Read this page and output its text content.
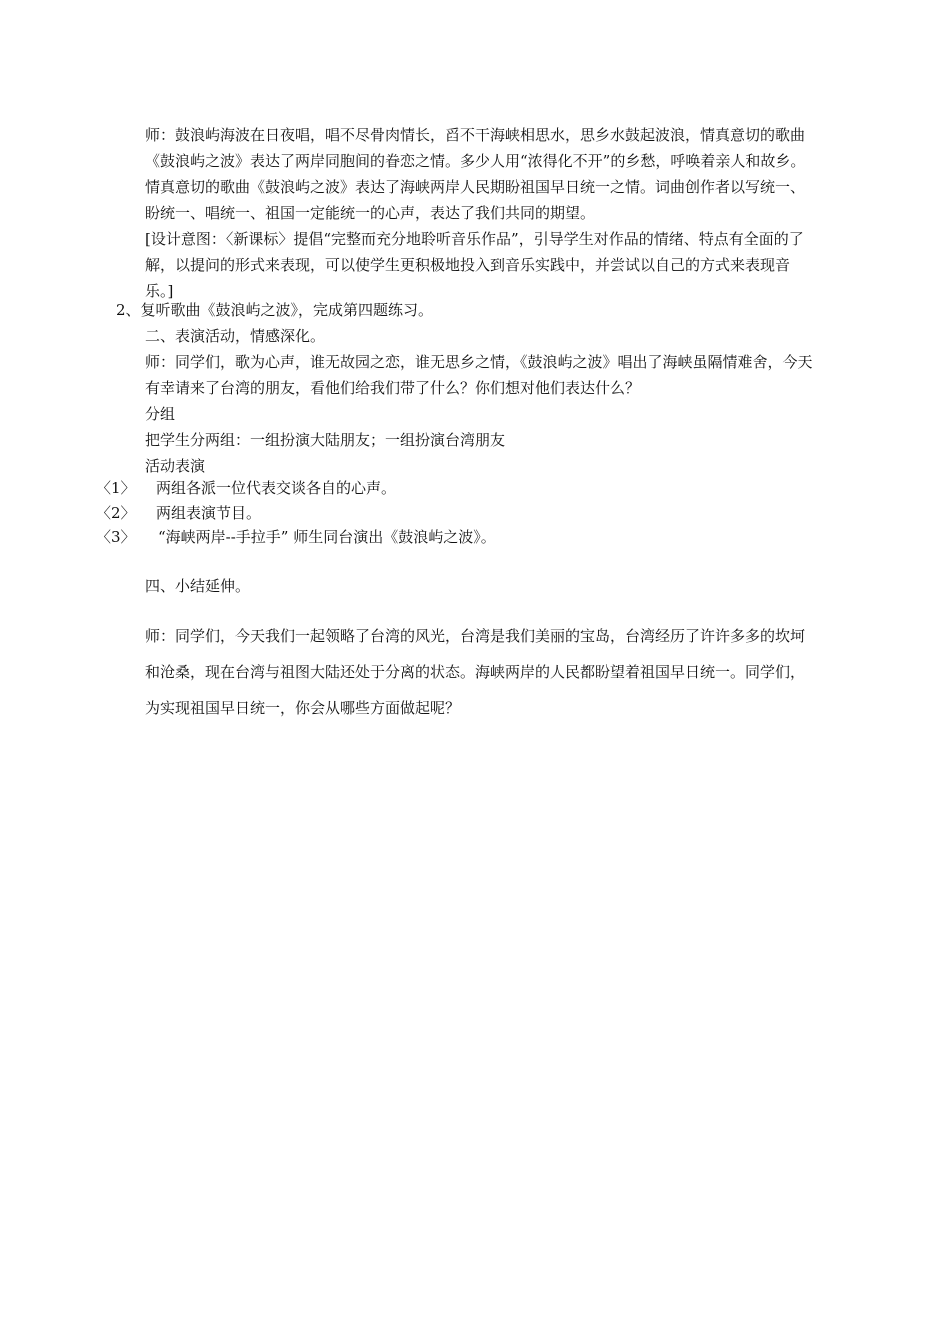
师：鼓浪屿海波在日夜唱，唱不尽骨肉情长，舀不干海峡相思水，思乡水鼓起波浪，情真意切的歌曲《鼓浪屿之波》表达了两岸同胞间的眷恋之情。多少人用“浓得化不开”的乡愁，呼唤着亲人和故乡。情真意切的歌曲《鼓浪屿之波》表达了海峡两岸人民期盼祖国早日统一之情。词曲创作者以写统一、盼统一、唱统一、祖国一定能统一的心声，表达了我们共同的期望。
[设计意图：〈新课标〉提倡“完整而充分地聆听音乐作品”，引导学生对作品的情绪、特点有全面的了解，以提问的形式来表现，可以使学生更积极地投入到音乐实践中，并尝试以自己的方式来表现音乐。]
2、复听歌曲《鼓浪屿之波》，完成第四题练习。
二、表演活动，情感深化。
师：同学们，歌为心声，谁无故园之恋，谁无思乡之情，《鼓浪屿之波》唱出了海峡虽隔情难舍，今天有幸请来了台湾的朋友，看他们给我们带了什么？你们想对他们表达什么？
分组
把学生分两组：一组扮演大陆朋友；一组扮演台湾朋友
活动表演
〈1〉 两组各派一位代表交谈各自的心声。
〈2〉 两组表演节目。
〈3〉 “海峡两岸--手拉手” 师生同台演出《鼓浪屿之波》。
四、小结延伸。
师：同学们，今天我们一起领略了台湾的风光，台湾是我们美丽的宝岛，台湾经历了许许多多的坎坷和沧桑，现在台湾与祖图大陆还处于分离的状态。海峡两岸的人民都盼望着祖国早日统一。同学们，为实现祖国早日统一，你会从哪些方面做起呢？
